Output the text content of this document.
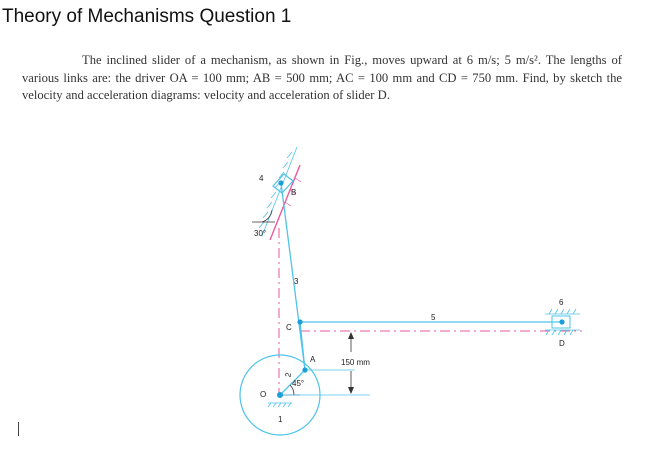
Theory of Mechanisms Question 1
The inclined slider of a mechanism, as shown in Fig., moves upward at 6 m/s; 5 m/s². The lengths of various links are: the driver OA = 100 mm; AB = 500 mm; AC = 100 mm and CD = 750 mm. Find, by sketch the velocity and acceleration diagrams: velocity and acceleration of slider D.
B
4
30°
3
C
A
2
45°
O
1
150 mm
5
6
D
